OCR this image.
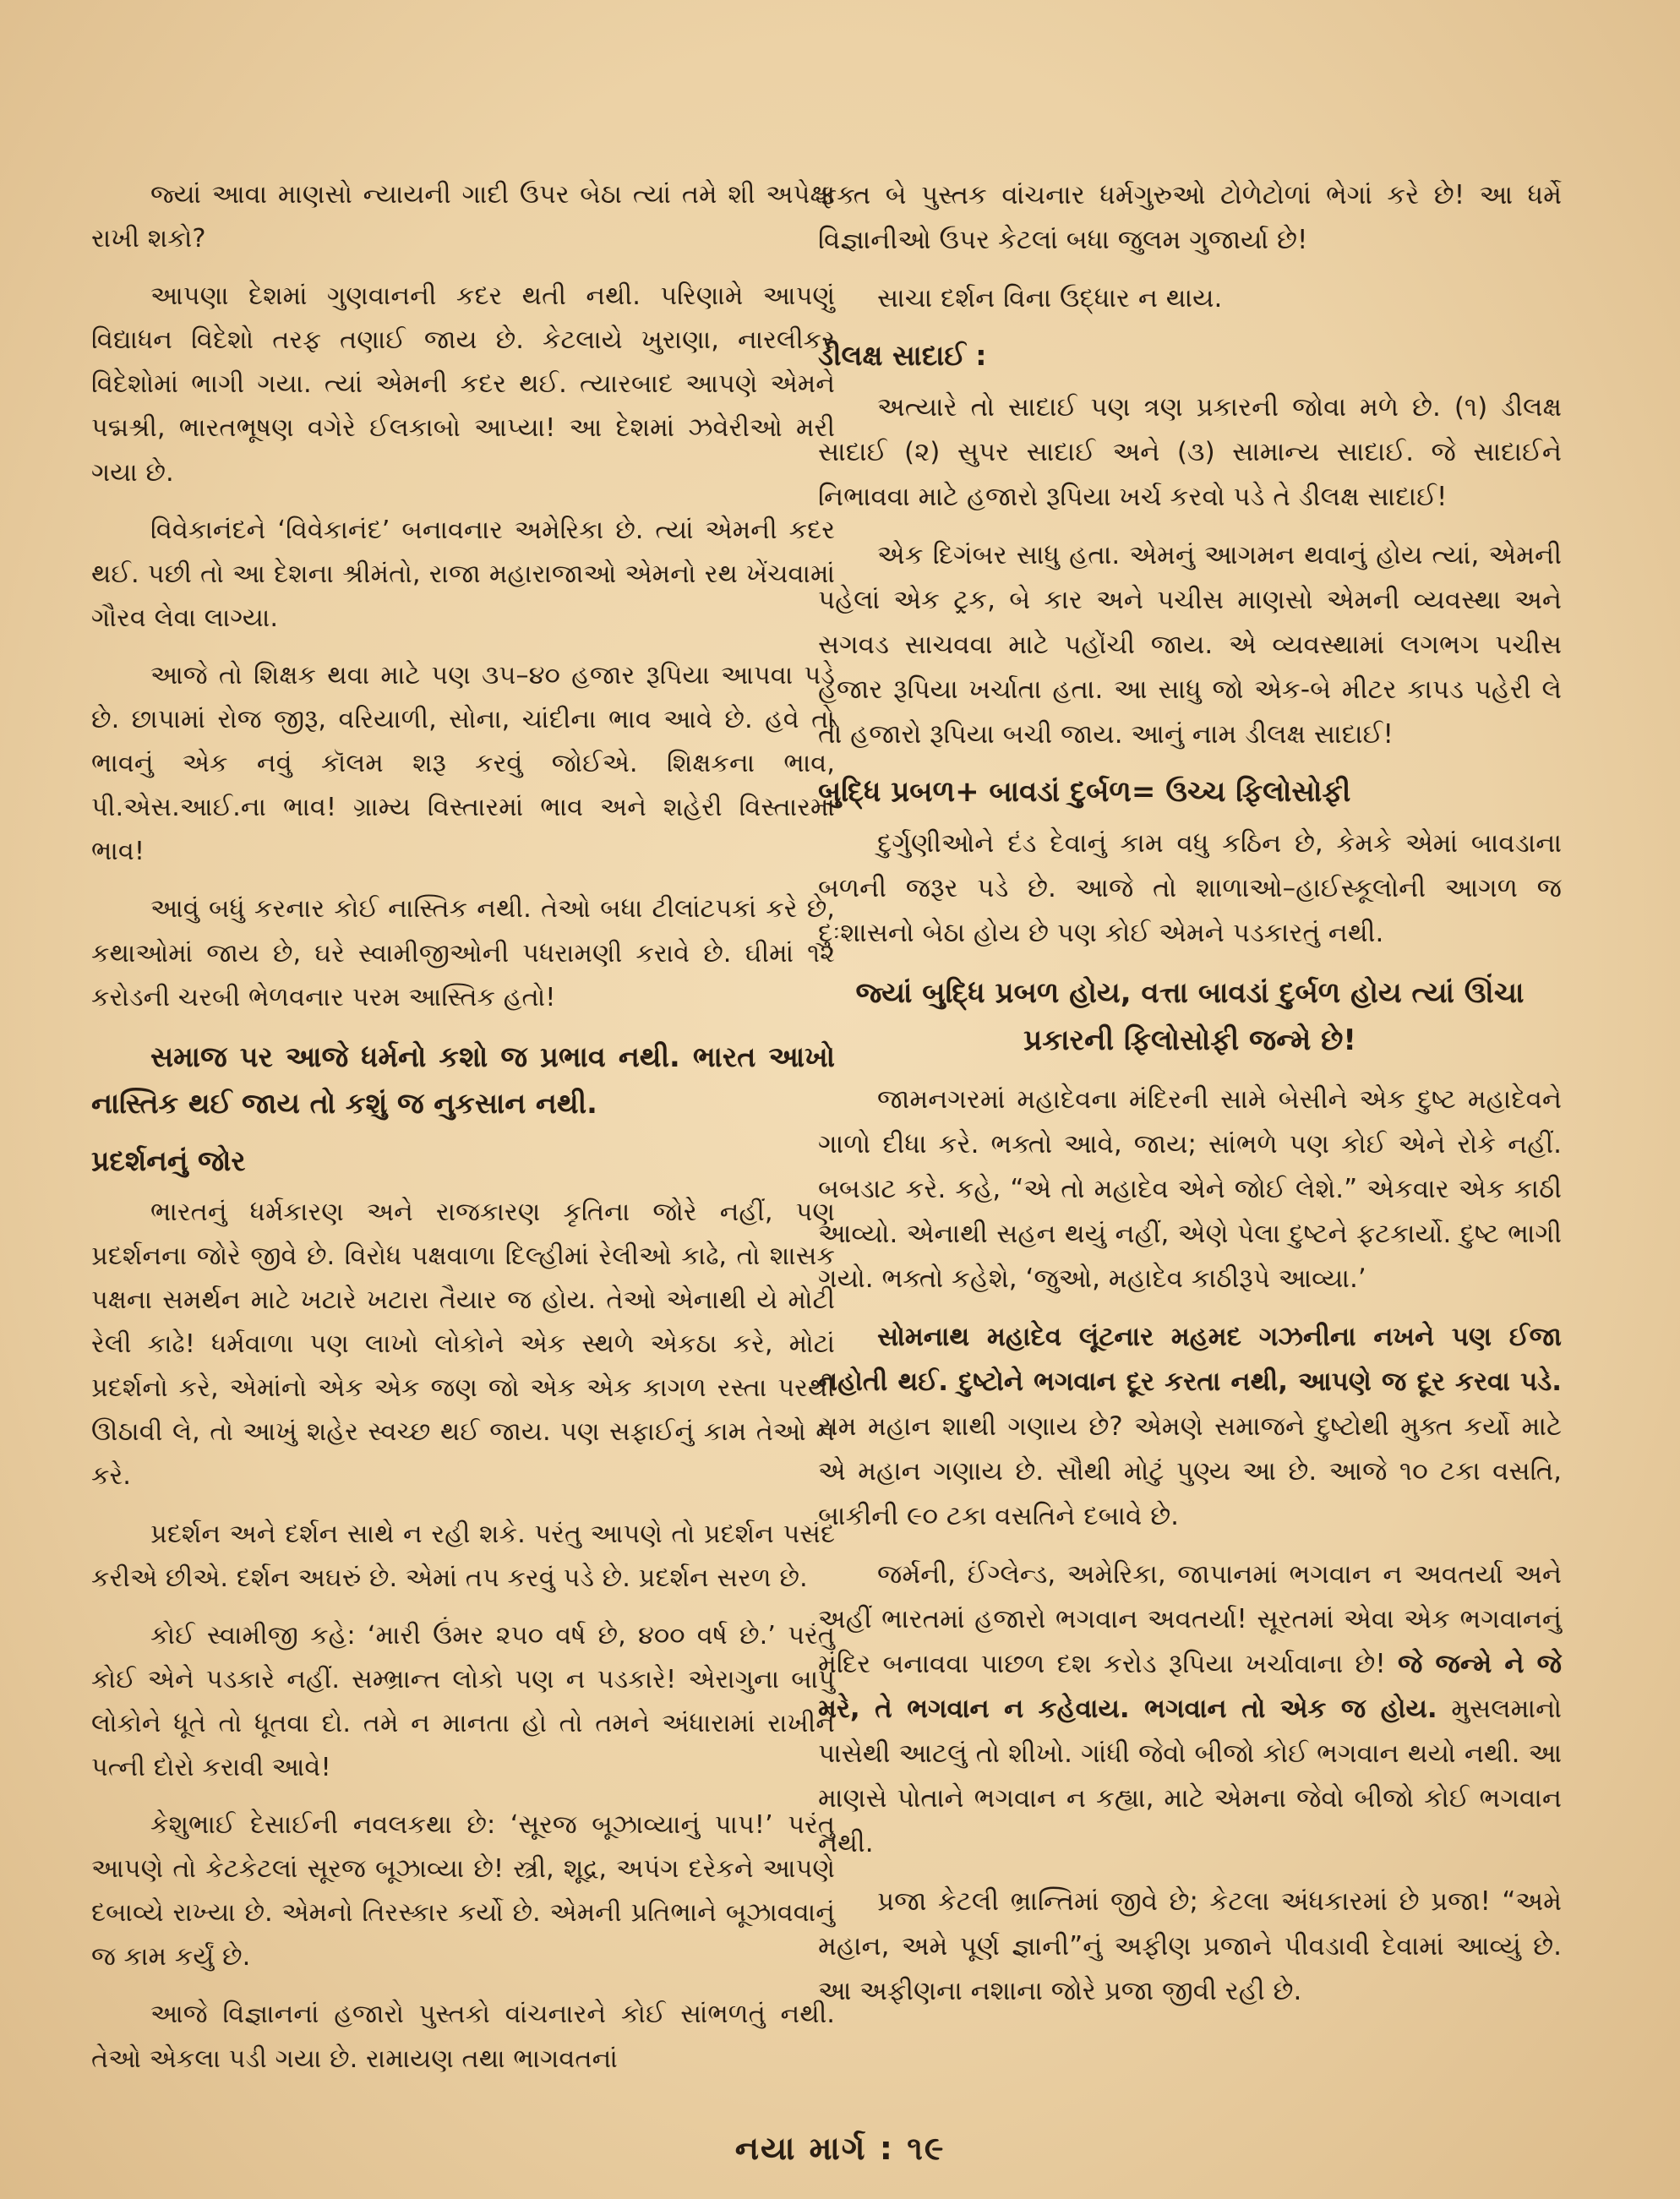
જ્યાં આવા માણસો ન્યાયની ગાદી ઉપર બેઠા ત્યાં તમે શી અપેક્ષા રાખી શકો?

આપણા દેશમાં ગુણવાનની કદર થતી નથી. પરિણામે આપણું વિદ્યાધન વિદેશો તરફ તણાઈ જાય છે. કેટલાયે ખુરાણા, નારલીકર વિદેશોમાં ભાગી ગયા. ત્યાં એમની કદર થઈ. ત્યારબાદ આપણે એમને પદ્મશ્રી, ભારતભૂષણ વગેરે ઈલકાબો આપ્યા! આ દેશમાં ઝવેરીઓ મરી ગયા છે.

વિવેકાનંદને ‘વિવેકાનંદ’ બનાવનાર અમેરિકા છે. ત્યાં એમની કદર થઈ. પછી તો આ દેશના શ્રીમંતો, રાજા મહારાજાઓ એમનો રથ ખેંચવામાં ગૌરવ લેવા લાગ્યા.

આજે તો શિક્ષક થવા માટે પણ ૩૫–૪૦ હજાર રૂપિયા આપવા પડે છે. છાપામાં રોજ જીરૂ, વરિયાળી, સોના, ચાંદીના ભાવ આવે છે. હવે તો ભાવનું એક નવું કૉલમ શરૂ કરવું જોઈએ. શિક્ષકના ભાવ, પી.એસ.આઈ.ના ભાવ! ગ્રામ્ય વિસ્તારમાં ભાવ અને શહેરી વિસ્તારમાં ભાવ!

આવું બધું કરનાર કોઈ નાસ્તિક નથી. તેઓ બધા ટીલાંટપકાં કરે છે, કથાઓમાં જાય છે, ઘરે સ્વામીજીઓની પધરામણી કરાવે છે. ઘીમાં ૧૨ કરોડની ચરબી ભેળવનાર પરમ આસ્તિક હતો!

સમાજ પર આજે ધર્મનો કશો જ પ્રભાવ નથી. ભારત આખો નાસ્તિક થઈ જાય તો કશું જ નુકસાન નથી.

પ્રદર્શનનું જોર

ભારતનું ધર્મકારણ અને રાજકારણ કૃતિના જોરે નહીં, પણ પ્રદર્શનના જોરે જીવે છે. વિરોધ પક્ષવાળા દિલ્હીમાં રેલીઓ કાઢે, તો શાસક પક્ષના સમર્થન માટે ખટારે ખટારા તૈયાર જ હોય. તેઓ એનાથી યે મોટી રેલી કાઢે! ધર્મવાળા પણ લાખો લોકોને એક સ્થળે એકઠા કરે, મોટાં પ્રદર્શનો કરે, એમાંનો એક એક જણ જો એક એક કાગળ રસ્તા પરથી ઊઠાવી લે, તો આખું શહેર સ્વચ્છ થઈ જાય. પણ સફાઈનું કામ તેઓ ન કરે.

પ્રદર્શન અને દર્શન સાથે ન રહી શકે. પરંતુ આપણે તો પ્રદર્શન પસંદ કરીએ છીએ. દર્શન અઘરું છે. એમાં તપ કરવું પડે છે. પ્રદર્શન સરળ છે.

કોઈ સ્વામીજી કહે: ‘મારી ઉંમર ૨૫૦ વર્ષ છે, ૪૦૦ વર્ષ છે.’ પરંતુ કોઈ એને પડકારે નહીં. સમ્ભ્રાન્ત લોકો પણ ન પડકારે! એરાગુના બાપુ લોકોને ધૂતે તો ધૂતવા દો. તમે ન માનતા હો તો તમને અંધારામાં રાખીને પત્ની દોરો કરાવી આવે!

કેશુભાઈ દેસાઈની નવલકથા છે: ‘સૂરજ બૂઝાવ્યાનું પાપ!’ પરંતુ આપણે તો કેટકેટલાં સૂરજ બૂઝાવ્યા છે! સ્ત્રી, શૂદ્ર, અપંગ દરેકને આપણે દબાવ્યે રાખ્યા છે. એમનો તિરસ્કાર કર્યો છે. એમની પ્રતિભાને બૂઝાવવાનું જ કામ કર્યું છે.

આજે વિજ્ઞાનનાં હજારો પુસ્તકો વાંચનારને કોઈ સાંભળતું નથી. તેઓ એકલા પડી ગયા છે. રામાયણ તથા ભાગવતનાં

ફક્ત બે પુસ્તક વાંચનાર ધર્મગુરુઓ ટોળેટોળાં ભેગાં કરે છે! આ ધર્મે વિજ્ઞાનીઓ ઉપર કેટલાં બધા જુલમ ગુજાર્યા છે!

સાચા દર્શન વિના ઉદ્ધાર ન થાય.

ડીલક્ષ સાદાઈ :

અત્યારે તો સાદાઈ પણ ત્રણ પ્રકારની જોવા મળે છે. (૧) ડીલક્ષ સાદાઈ (૨) સુપર સાદાઈ અને (૩) સામાન્ય સાદાઈ. જે સાદાઈને નિભાવવા માટે હજારો રૂપિયા ખર્ચ કરવો પડે તે ડીલક્ષ સાદાઈ!

એક દિગંબર સાધુ હતા. એમનું આગમન થવાનું હોય ત્યાં, એમની પહેલાં એક ટ્રક, બે કાર અને પચીસ માણસો એમની વ્યવસ્થા અને સગવડ સાચવવા માટે પહોંચી જાય. એ વ્યવસ્થામાં લગભગ પચીસ હજાર રૂપિયા ખર્ચાતા હતા. આ સાધુ જો એક-બે મીટર કાપડ પહેરી લે તો હજારો રૂપિયા બચી જાય. આનું નામ ડીલક્ષ સાદાઈ!

બુદ્ધિ પ્રબળ+ બાવડાં દુર્બળ= ઉચ્ચ ફિલોસોફી

દુર્ગુણીઓને દંડ દેવાનું કામ વધુ કઠિન છે, કેમકે એમાં બાવડાના બળની જરૂર પડે છે. આજે તો શાળાઓ–હાઈસ્કૂલોની આગળ જ દુઃશાસનો બેઠા હોય છે પણ કોઈ એમને પડકારતું નથી.

જ્યાં બુદ્ધિ પ્રબળ હોય, વત્તા બાવડાં દુર્બળ હોય ત્યાં ઊંચા પ્રકારની ફિલોસોફી જન્મે છે!

જામનગરમાં મહાદેવના મંદિરની સામે બેસીને એક દુષ્ટ મહાદેવને ગાળો દીધા કરે. ભક્તો આવે, જાય; સાંભળે પણ કોઈ એને રોકે નહીં. બબડાટ કરે. કહે, “એ તો મહાદેવ એને જોઈ લેશે.” એકવાર એક કાઠી આવ્યો. એનાથી સહન થયું નહીં, એણે પેલા દુષ્ટને ફટકાર્યો. દુષ્ટ ભાગી ગયો. ભક્તો કહેશે, ‘જુઓ, મહાદેવ કાઠીરૂપે આવ્યા.’

સોમનાથ મહાદેવ લૂંટનાર મહમદ ગઝનીના નખને પણ ઈજા નહોતી થઈ. દુષ્ટોને ભગવાન દૂર કરતા નથી, આપણે જ દૂર કરવા પડે. રામ મહાન શાથી ગણાય છે? એમણે સમાજને દુષ્ટોથી મુક્ત કર્યો માટે એ મહાન ગણાય છે. સૌથી મોટું પુણ્ય આ છે. આજે ૧૦ ટકા વસતિ, બાકીની ૯૦ ટકા વસતિને દબાવે છે.

જર્મની, ઈંગ્લેન્ડ, અમેરિકા, જાપાનમાં ભગવાન ન અવતર્યા અને અહીં ભારતમાં હજારો ભગવાન અવતર્યા! સૂરતમાં એવા એક ભગવાનનું મંદિર બનાવવા પાછળ દશ કરોડ રૂપિયા ખર્ચાવાના છે! જે જન્મે ને જે મરે, તે ભગવાન ન કહેવાય. ભગવાન તો એક જ હોય. મુસલમાનો પાસેથી આટલું તો શીખો. ગાંધી જેવો બીજો કોઈ ભગવાન થયો નથી. આ માણસે પોતાને ભગવાન ન કહ્યા, માટે એમના જેવો બીજો કોઈ ભગવાન નથી.

પ્રજા કેટલી ભ્રાન્તિમાં જીવે છે; કેટલા અંધકારમાં છે પ્રજા! “અમે મહાન, અમે પૂર્ણ જ્ઞાની”નું અફીણ પ્રજાને પીવડાવી દેવામાં આવ્યું છે. આ અફીણના નશાના જોરે પ્રજા જીવી રહી છે.

નયા માર્ગ : ૧૯
